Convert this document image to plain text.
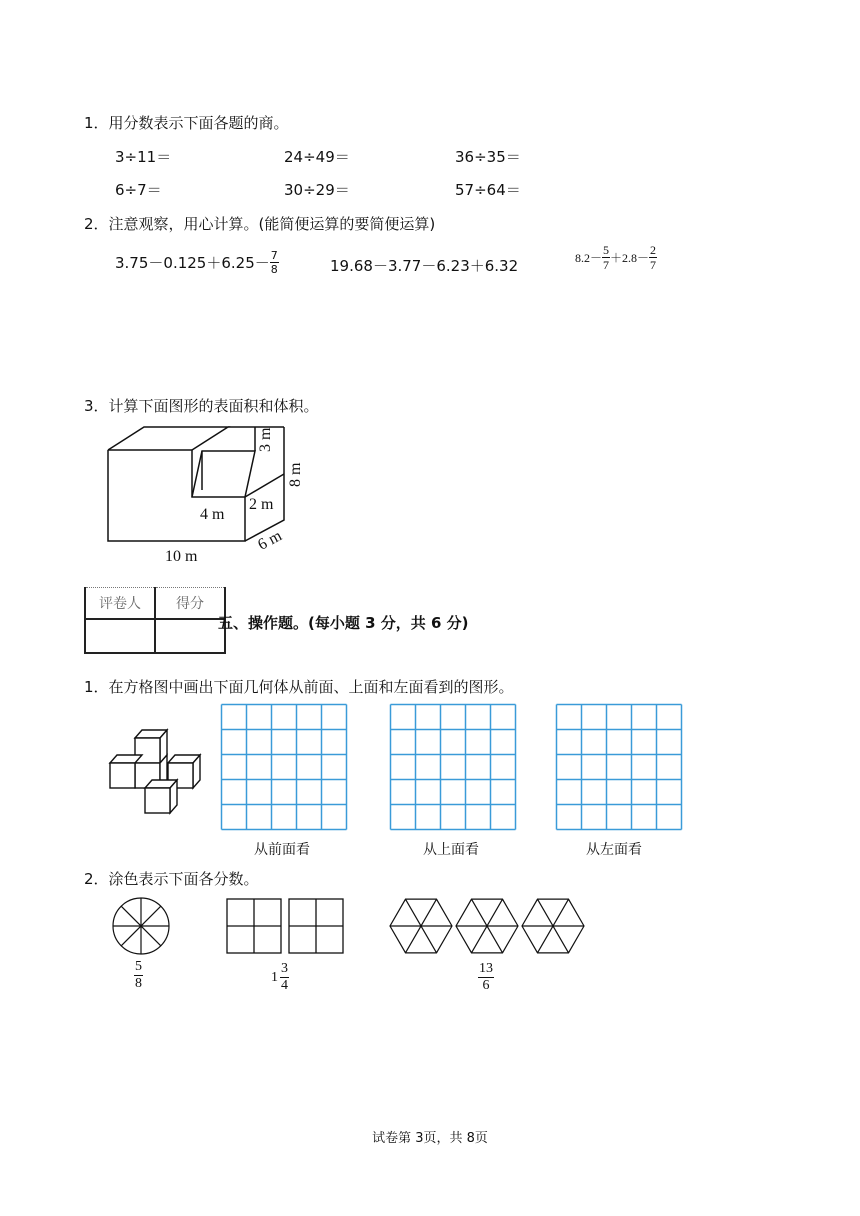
1．用分数表示下面各题的商。
3÷11＝	24÷49＝	36÷35＝
6÷7＝	30÷29＝	57÷64＝
2．注意观察，用心计算。(能简便运算的要简便运算)
$3.75-0.125+6.25- \frac{7}{8}$	19.68－3.77－6.23＋6.32	$8.2- \frac{5}{7} +2.8- \frac{2}{7}$
3．计算下面图形的表面积和体积。
3 m
8 m
2 m
4 m
6 m
10 m
评卷人	得分

五、操作题。(每小题 3 分，共 6 分)
1．在方格图中画出下面几何体从前面、上面和左面看到的图形。
从前面看	从上面看	从左面看
2．涂色表示下面各分数。
$\frac{5}{8}$	$1 \frac{3}{4}$	$\frac{13}{6}$
试卷第 3页，共 8页
